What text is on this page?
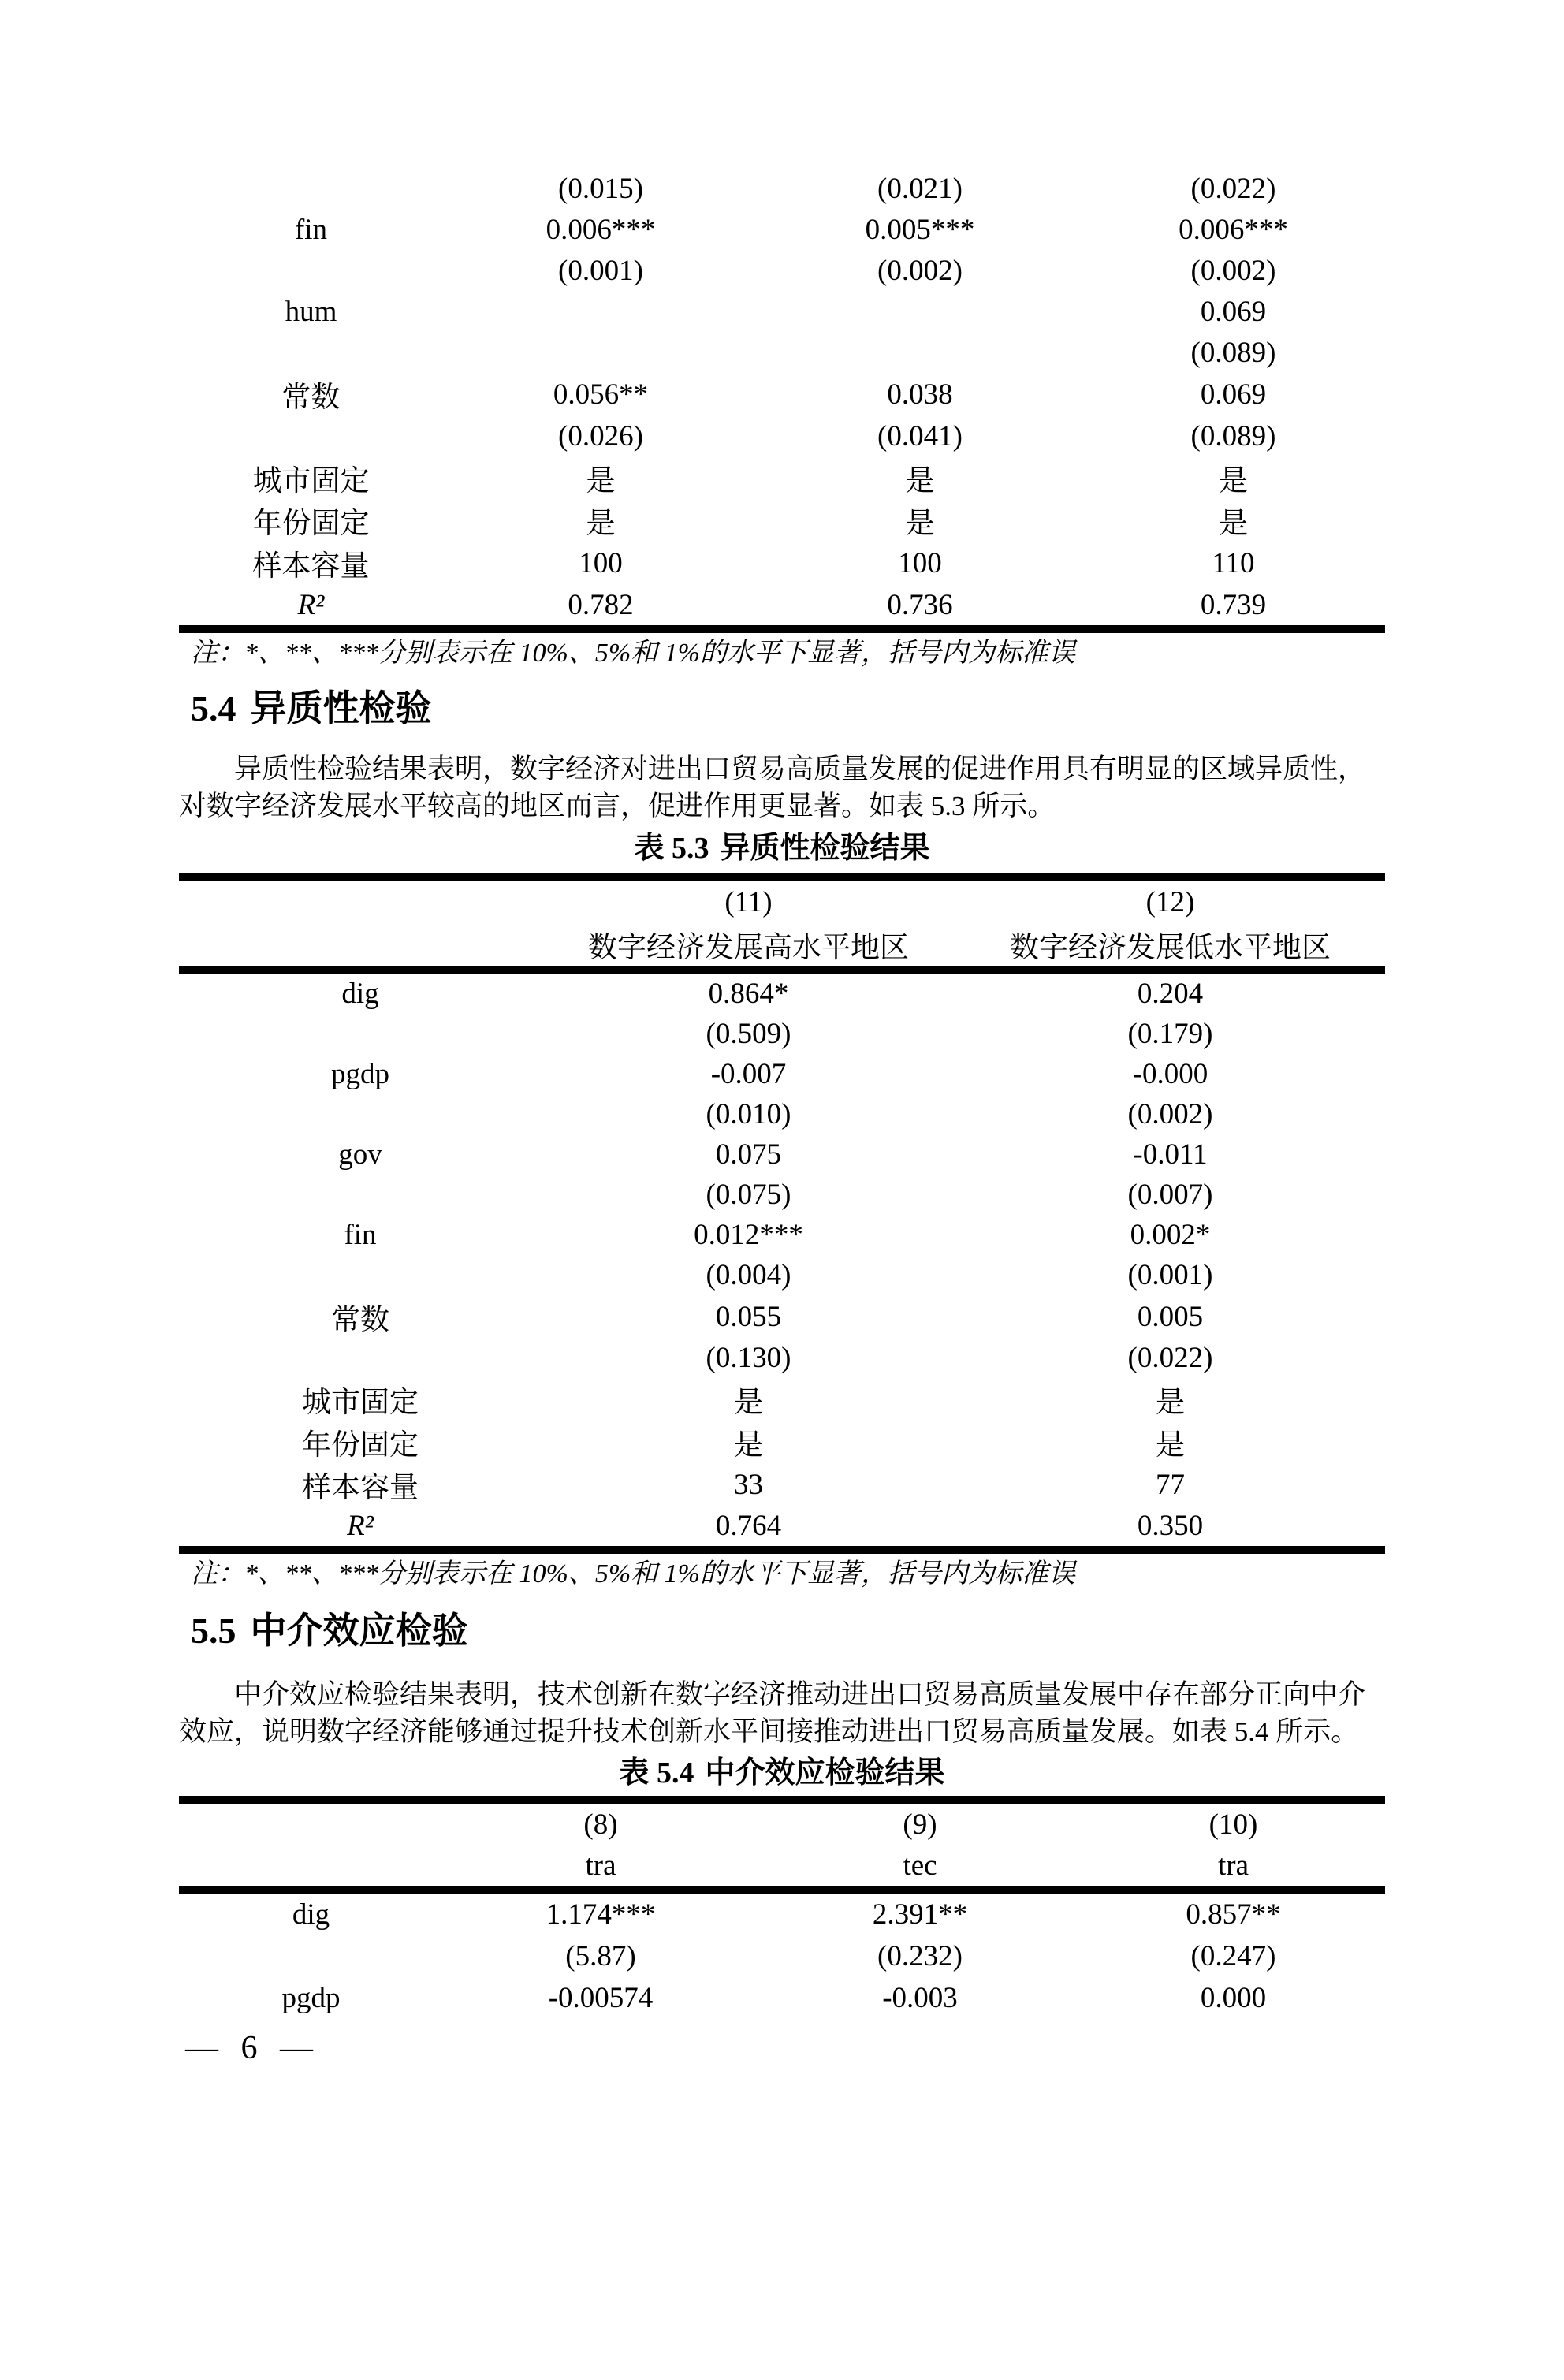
	(0.015)	(0.021)	(0.022)
fin	0.006***	0.005***	0.006***
	(0.001)	(0.002)	(0.002)
hum			0.069
			(0.089)
常数	0.056**	0.038	0.069
	(0.026)	(0.041)	(0.089)
城市固定	是	是	是
年份固定	是	是	是
样本容量	100	100	110
R²	0.782	0.736	0.739
注：*、**、***分别表示在 10%、5%和 1%的水平下显著，括号内为标准误
5.4 异质性检验
异质性检验结果表明，数字经济对进出口贸易高质量发展的促进作用具有明显的区域异质性，
对数字经济发展水平较高的地区而言，促进作用更显著。如表 5.3 所示。
表 5.3 异质性检验结果
	(11)	(12)
	数字经济发展高水平地区	数字经济发展低水平地区
dig	0.864*	0.204
	(0.509)	(0.179)
pgdp	-0.007	-0.000
	(0.010)	(0.002)
gov	0.075	-0.011
	(0.075)	(0.007)
fin	0.012***	0.002*
	(0.004)	(0.001)
常数	0.055	0.005
	(0.130)	(0.022)
城市固定	是	是
年份固定	是	是
样本容量	33	77
R²	0.764	0.350
注：*、**、***分别表示在 10%、5%和 1%的水平下显著，括号内为标准误
5.5 中介效应检验
中介效应检验结果表明，技术创新在数字经济推动进出口贸易高质量发展中存在部分正向中介
效应，说明数字经济能够通过提升技术创新水平间接推动进出口贸易高质量发展。如表 5.4 所示。
表 5.4 中介效应检验结果
	(8)	(9)	(10)
	tra	tec	tra
dig	1.174***	2.391**	0.857**
	(5.87)	(0.232)	(0.247)
pgdp	-0.00574	-0.003	0.000
— 6 —
